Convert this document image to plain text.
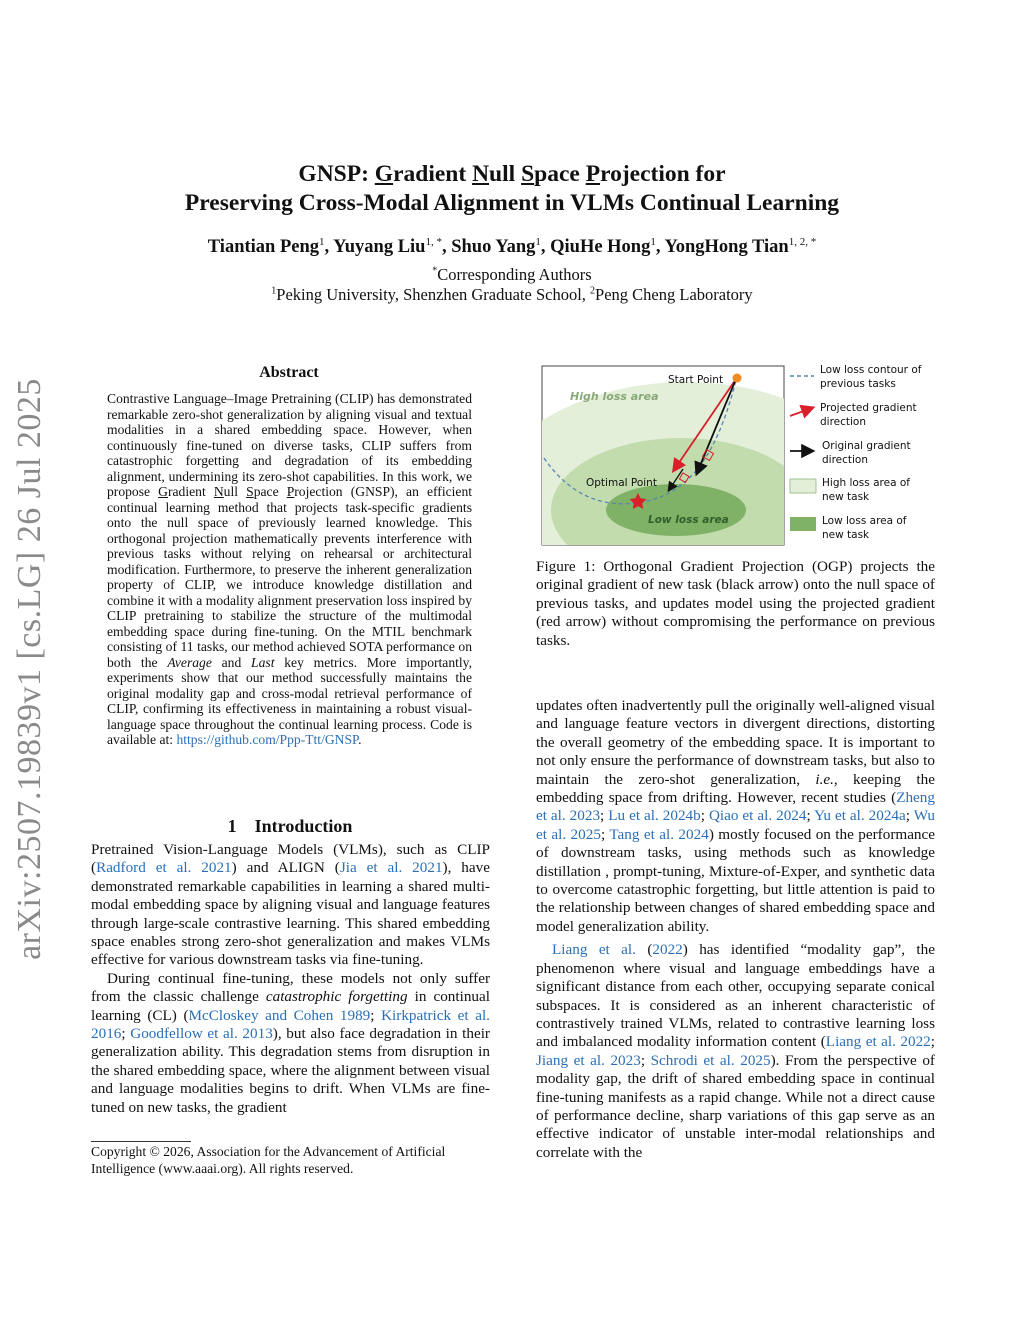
arXiv:2507.19839v1 [cs.LG] 26 Jul 2025
GNSP: Gradient Null Space Projection for
Preserving Cross-Modal Alignment in VLMs Continual Learning
Tiantian Peng$^1$, Yuyang Liu$^{1, *}$, Shuo Yang$^1$, QiuHe Hong$^1$, YongHong Tian$^{1, 2, *}$
*Corresponding Authors
$^1$Peking University, Shenzhen Graduate School, $^2$Peng Cheng Laboratory
Abstract
Contrastive Language–Image Pretraining (CLIP) has demonstrated remarkable zero-shot generalization by aligning visual and textual modalities in a shared embedding space. However, when continuously fine-tuned on diverse tasks, CLIP suffers from catastrophic forgetting and degradation of its embedding alignment, undermining its zero-shot capabilities. In this work, we propose Gradient Null Space Projection (GNSP), an efficient continual learning method that projects task-specific gradients onto the null space of previously learned knowledge. This orthogonal projection mathematically prevents interference with previous tasks without relying on rehearsal or architectural modification. Furthermore, to preserve the inherent generalization property of CLIP, we introduce knowledge distillation and combine it with a modality alignment preservation loss inspired by CLIP pretraining to stabilize the structure of the multimodal embedding space during fine-tuning. On the MTIL benchmark consisting of 11 tasks, our method achieved SOTA performance on both the Average and Last key metrics. More importantly, experiments show that our method successfully maintains the original modality gap and cross-modal retrieval performance of CLIP, confirming its effectiveness in maintaining a robust visual-language space throughout the continual learning process. Code is available at: https://github.com/Ppp-Ttt/GNSP.
1 Introduction

Pretrained Vision-Language Models (VLMs), such as CLIP (Radford et al. 2021) and ALIGN (Jia et al. 2021), have demonstrated remarkable capabilities in learning a shared multi-modal embedding space by aligning visual and language features through large-scale contrastive learning. This shared embedding space enables strong zero-shot generalization and makes VLMs effective for various downstream tasks via fine-tuning.

During continual fine-tuning, these models not only suffer from the classic challenge catastrophic forgetting in continual learning (CL) (McCloskey and Cohen 1989; Kirkpatrick et al. 2016; Goodfellow et al. 2013), but also face degradation in their generalization ability. This degradation stems from disruption in the shared embedding space, where the alignment between visual and language modalities begins to drift. When VLMs are fine-tuned on new tasks, the gradient

Copyright © 2026, Association for the Advancement of Artificial Intelligence (www.aaai.org). All rights reserved.
High loss area
Low loss area
Start Point
Optimal Point
Low loss contour of
previous tasks
Projected gradient
direction
Original gradient
direction
High loss area of
new task
Low loss area of
new task
Figure 1: Orthogonal Gradient Projection (OGP) projects the original gradient of new task (black arrow) onto the null space of previous tasks, and updates model using the projected gradient (red arrow) without compromising the performance on previous tasks.

updates often inadvertently pull the originally well-aligned visual and language feature vectors in divergent directions, distorting the overall geometry of the embedding space. It is important to not only ensure the performance of downstream tasks, but also to maintain the zero-shot generalization, i.e., keeping the embedding space from drifting. However, recent studies (Zheng et al. 2023; Lu et al. 2024b; Qiao et al. 2024; Yu et al. 2024a; Wu et al. 2025; Tang et al. 2024) mostly focused on the performance of downstream tasks, using methods such as knowledge distillation , prompt-tuning, Mixture-of-Exper, and synthetic data to overcome catastrophic forgetting, but little attention is paid to the relationship between changes of shared embedding space and model generalization ability.

Liang et al. (2022) has identified “modality gap”, the phenomenon where visual and language embeddings have a significant distance from each other, occupying separate conical subspaces. It is considered as an inherent characteristic of contrastively trained VLMs, related to contrastive learning loss and imbalanced modality information content (Liang et al. 2022; Jiang et al. 2023; Schrodi et al. 2025). From the perspective of modality gap, the drift of shared embedding space in continual fine-tuning manifests as a rapid change. While not a direct cause of performance decline, sharp variations of this gap serve as an effective indicator of unstable inter-modal relationships and correlate with the
